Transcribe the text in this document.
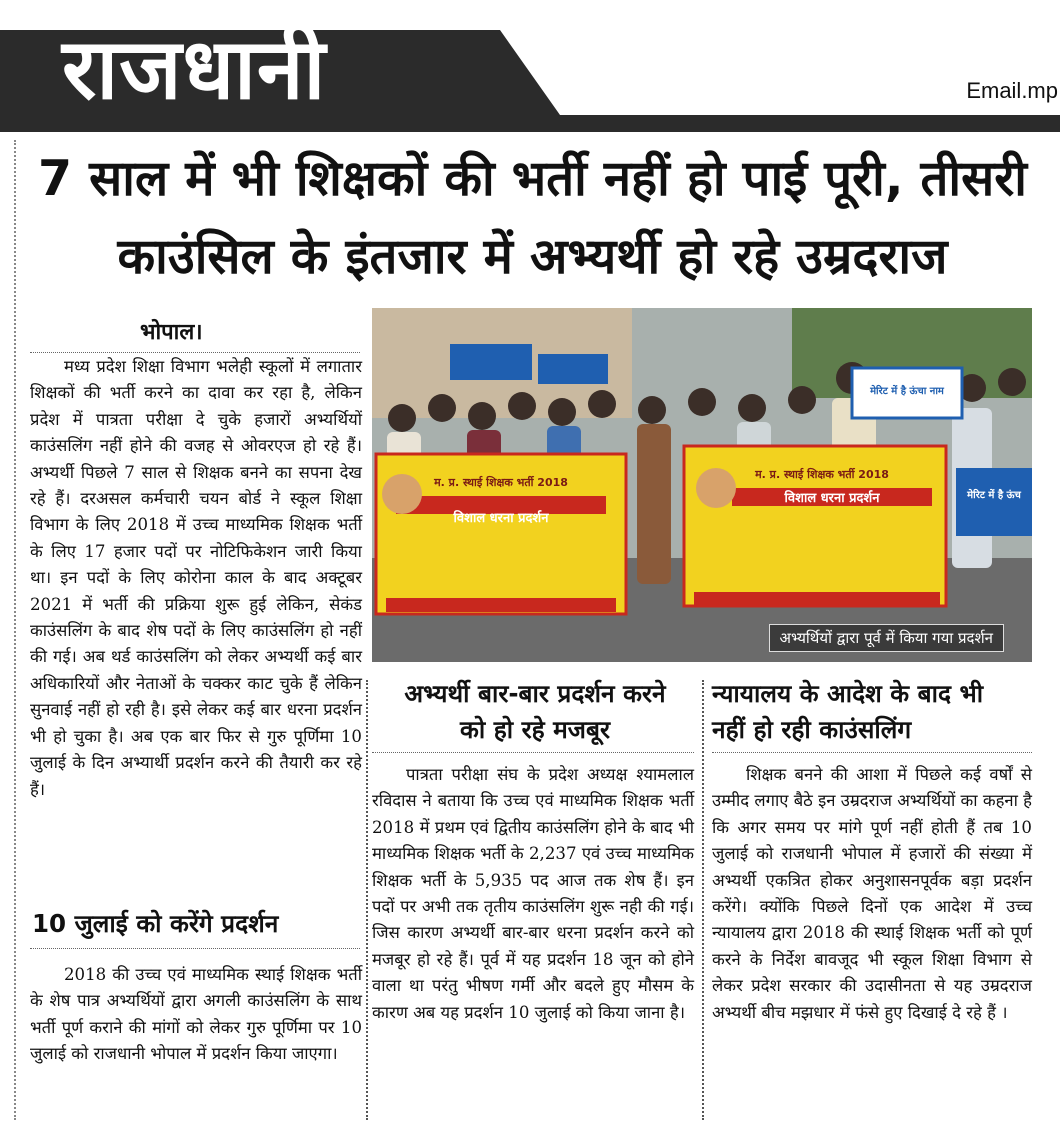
राजधानी	Email.mp
7 साल में भी शिक्षकों की भर्ती नहीं हो पाई पूरी, तीसरी
काउंसिल के इंतजार में अभ्यर्थी हो रहे उम्रदराज
भोपाल।

मध्य प्रदेश शिक्षा विभाग भलेही स्कूलों में लगातार शिक्षकों की भर्ती करने का दावा कर रहा है, लेकिन प्रदेश में पात्रता परीक्षा दे चुके हजारों अभ्यर्थियों काउंसलिंग नहीं होने की वजह से ओवरएज हो रहे हैं। अभ्यर्थी पिछले 7 साल से शिक्षक बनने का सपना देख रहे हैं। दरअसल कर्मचारी चयन बोर्ड ने स्कूल शिक्षा विभाग के लिए 2018 में उच्च माध्यमिक शिक्षक भर्ती के लिए 17 हजार पदों पर नोटिफिकेशन जारी किया था। इन पदों के लिए कोरोना काल के बाद अक्टूबर 2021 में भर्ती की प्रक्रिया शुरू हुई लेकिन, सेकंड काउंसलिंग के बाद शेष पदों के लिए काउंसलिंग हो नहीं की गई। अब थर्ड काउंसलिंग को लेकर अभ्यर्थी कई बार अधिकारियों और नेताओं के चक्कर काट चुके हैं लेकिन सुनवाई नहीं हो रही है। इसे लेकर कई बार धरना प्रदर्शन भी हो चुका है। अब एक बार फिर से गुरु पूर्णिमा 10 जुलाई के दिन अभ्यार्थी प्रदर्शन करने की तैयारी कर रहे हैं।

10 जुलाई को करेंगे प्रदर्शन

2018 की उच्च एवं माध्यमिक स्थाई शिक्षक भर्ती के शेष पात्र अभ्यर्थियों द्वारा अगली काउंसलिंग के साथ भर्ती पूर्ण कराने की मांगों को लेकर गुरु पूर्णिमा पर 10 जुलाई को राजधानी भोपाल में प्रदर्शन किया जाएगा।

विशाल धरना प्रदर्शन
म. प्र. स्थाई शिक्षक भर्ती 2018
विशाल धरना प्रदर्शन
म. प्र. स्थाई शिक्षक भर्ती 2018
मेरिट में है ऊंचा नाम
मेरिट में है ऊंच
अभ्यर्थियों द्वारा पूर्व में किया गया प्रदर्शन
अभ्यर्थी बार-बार प्रदर्शन करने
को हो रहे मजबूर

पात्रता परीक्षा संघ के प्रदेश अध्यक्ष श्यामलाल रविदास ने बताया कि उच्च एवं माध्यमिक शिक्षक भर्ती 2018 में प्रथम एवं द्वितीय काउंसलिंग होने के बाद भी माध्यमिक शिक्षक भर्ती के 2,237 एवं उच्च माध्यमिक शिक्षक भर्ती के 5,935 पद आज तक शेष हैं। इन पदों पर अभी तक तृतीय काउंसलिंग शुरू नही की गई। जिस कारण अभ्यर्थी बार-बार धरना प्रदर्शन करने को मजबूर हो रहे हैं। पूर्व में यह प्रदर्शन 18 जून को होने वाला था परंतु भीषण गर्मी और बदले हुए मौसम के कारण अब यह प्रदर्शन 10 जुलाई को किया जाना है।

न्यायालय के आदेश के बाद भी
नहीं हो रही काउंसलिंग

शिक्षक बनने की आशा में पिछले कई वर्षों से उम्मीद लगाए बैठे इन उम्रदराज अभ्यर्थियों का कहना है कि अगर समय पर मांगे पूर्ण नहीं होती हैं तब 10 जुलाई को राजधानी भोपाल में हजारों की संख्या में अभ्यर्थी एकत्रित होकर अनुशासनपूर्वक बड़ा प्रदर्शन करेंगे। क्योंकि पिछले दिनों एक आदेश में उच्च न्यायालय द्वारा 2018 की स्थाई शिक्षक भर्ती को पूर्ण करने के निर्देश बावजूद भी स्कूल शिक्षा विभाग से लेकर प्रदेश सरकार की उदासीनता से यह उम्रदराज अभ्यर्थी बीच मझधार में फंसे हुए दिखाई दे रहे हैं ।
